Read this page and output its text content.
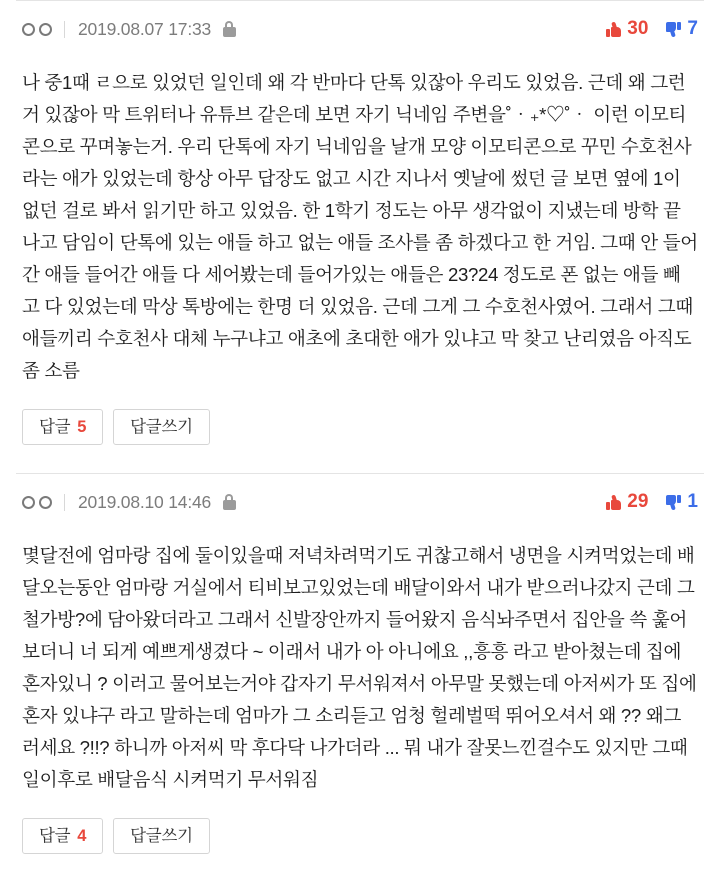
2019.08.07 17:33	30 7
나 중1때 ㄹ으로 있었던 일인데 왜 각 반마다 단톡 있잖아 우리도 있었음. 근데 왜 그런거 있잖아 막 트위터나 유튜브 같은데 보면 자기 닉네임 주변을˚‧₊*♡˚‧ 이런 이모티콘으로 꾸며놓는거. 우리 단톡에 자기 닉네임을 날개 모양 이모티콘으로 꾸민 수호천사라는 애가 있었는데 항상 아무 답장도 없고 시간 지나서 옛날에 썼던 글 보면 옆에 1이 없던 걸로 봐서 읽기만 하고 있었음. 한 1학기 정도는 아무 생각없이 지냈는데 방학 끝나고 담임이 단톡에 있는 애들 하고 없는 애들 조사를 좀 하겠다고 한 거임. 그때 안 들어간 애들 들어간 애들 다 세어봤는데 들어가있는 애들은 23?24 정도로 폰 없는 애들 빼고 다 있었는데 막상 톡방에는 한명 더 있었음. 근데 그게 그 수호천사였어. 그래서 그때 애들끼리 수호천사 대체 누구냐고 애초에 초대한 애가 있냐고 막 찾고 난리였음 아직도 좀 소름
답글 5	답글쓰기
2019.08.10 14:46	29 1
몇달전에 엄마랑 집에 둘이있을때 저녁차려먹기도 귀찮고해서 냉면을 시켜먹었는데 배달오는동안 엄마랑 거실에서 티비보고있었는데 배달이와서 내가 받으러나갔지 근데 그 철가방?에 담아왔더라고 그래서 신발장안까지 들어왔지 음식놔주면서 집안을 쓱 훑어보더니 너 되게 예쁘게생겼다 ~ 이래서 내가 아 아니에요 ,,흥흥 라고 받아쳤는데 집에 혼자있니 ? 이러고 물어보는거야 갑자기 무서워져서 아무말 못했는데 아저씨가 또 집에 혼자 있냐구 라고 말하는데 엄마가 그 소리듣고 엄청 헐레벌떡 뛰어오셔서 왜 ?? 왜그러세요 ?!!? 하니까 아저씨 막 후다닥 나가더라 ... 뭐 내가 잘못느낀걸수도 있지만 그때일이후로 배달음식 시켜먹기 무서워짐
답글 4	답글쓰기
